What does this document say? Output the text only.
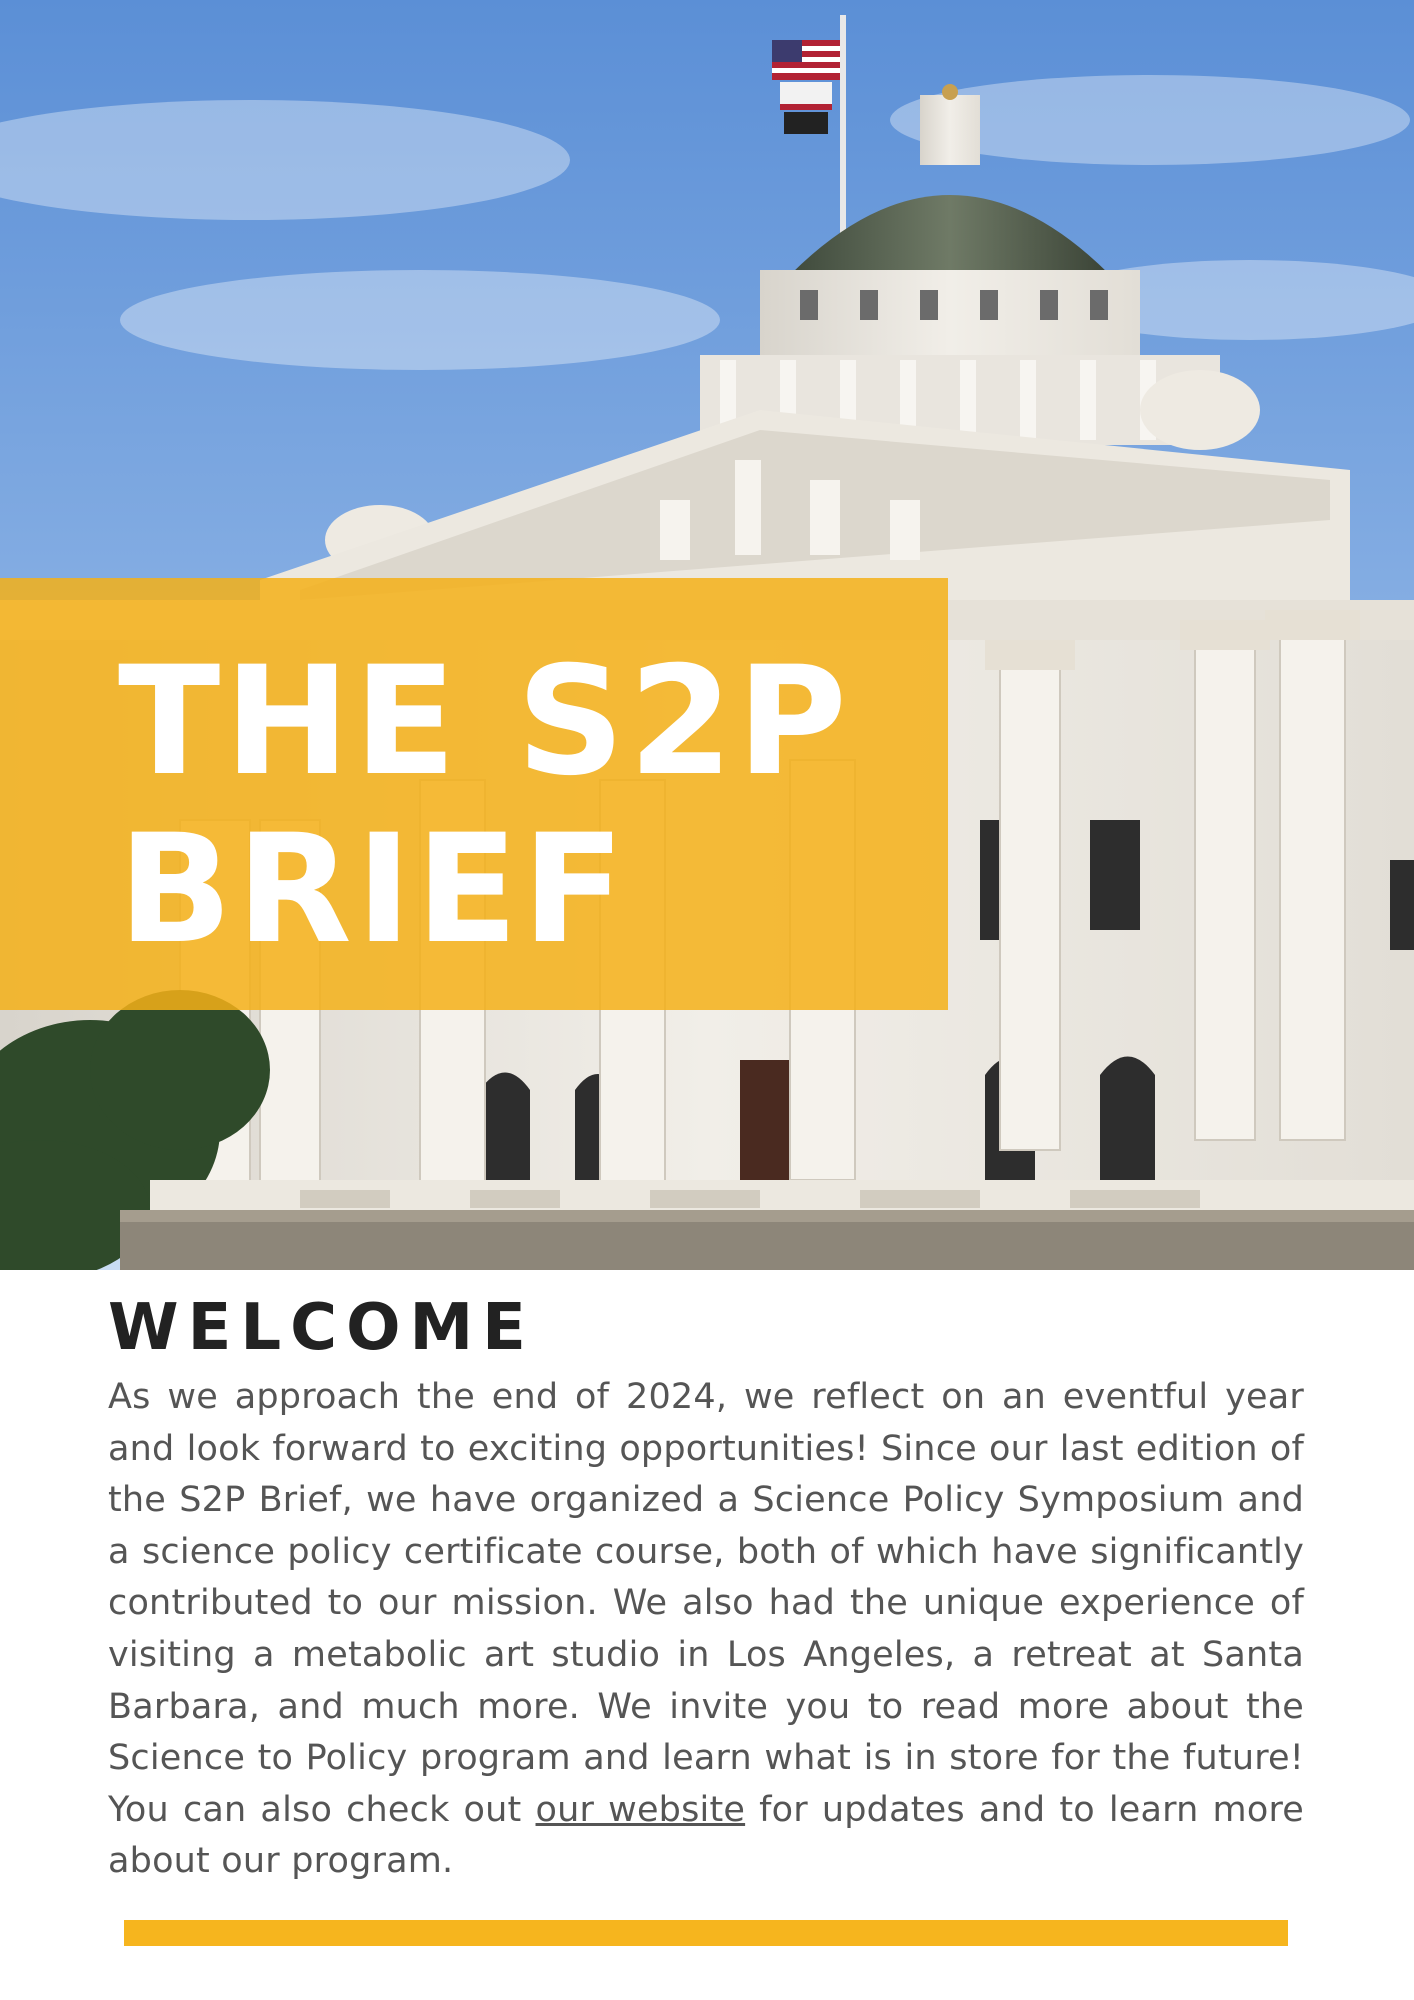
THE S2P
BRIEF
WELCOME

As we approach the end of 2024, we reflect on an eventful year and look forward to exciting opportunities! Since our last edition of the S2P Brief, we have organized a Science Policy Symposium and a science policy certificate course, both of which have significantly contributed to our mission. We also had the unique experience of visiting a metabolic art studio in Los Angeles, a retreat at Santa Barbara, and much more. We invite you to read more about the Science to Policy program and learn what is in store for the future! You can also check out our website for updates and to learn more about our program.
